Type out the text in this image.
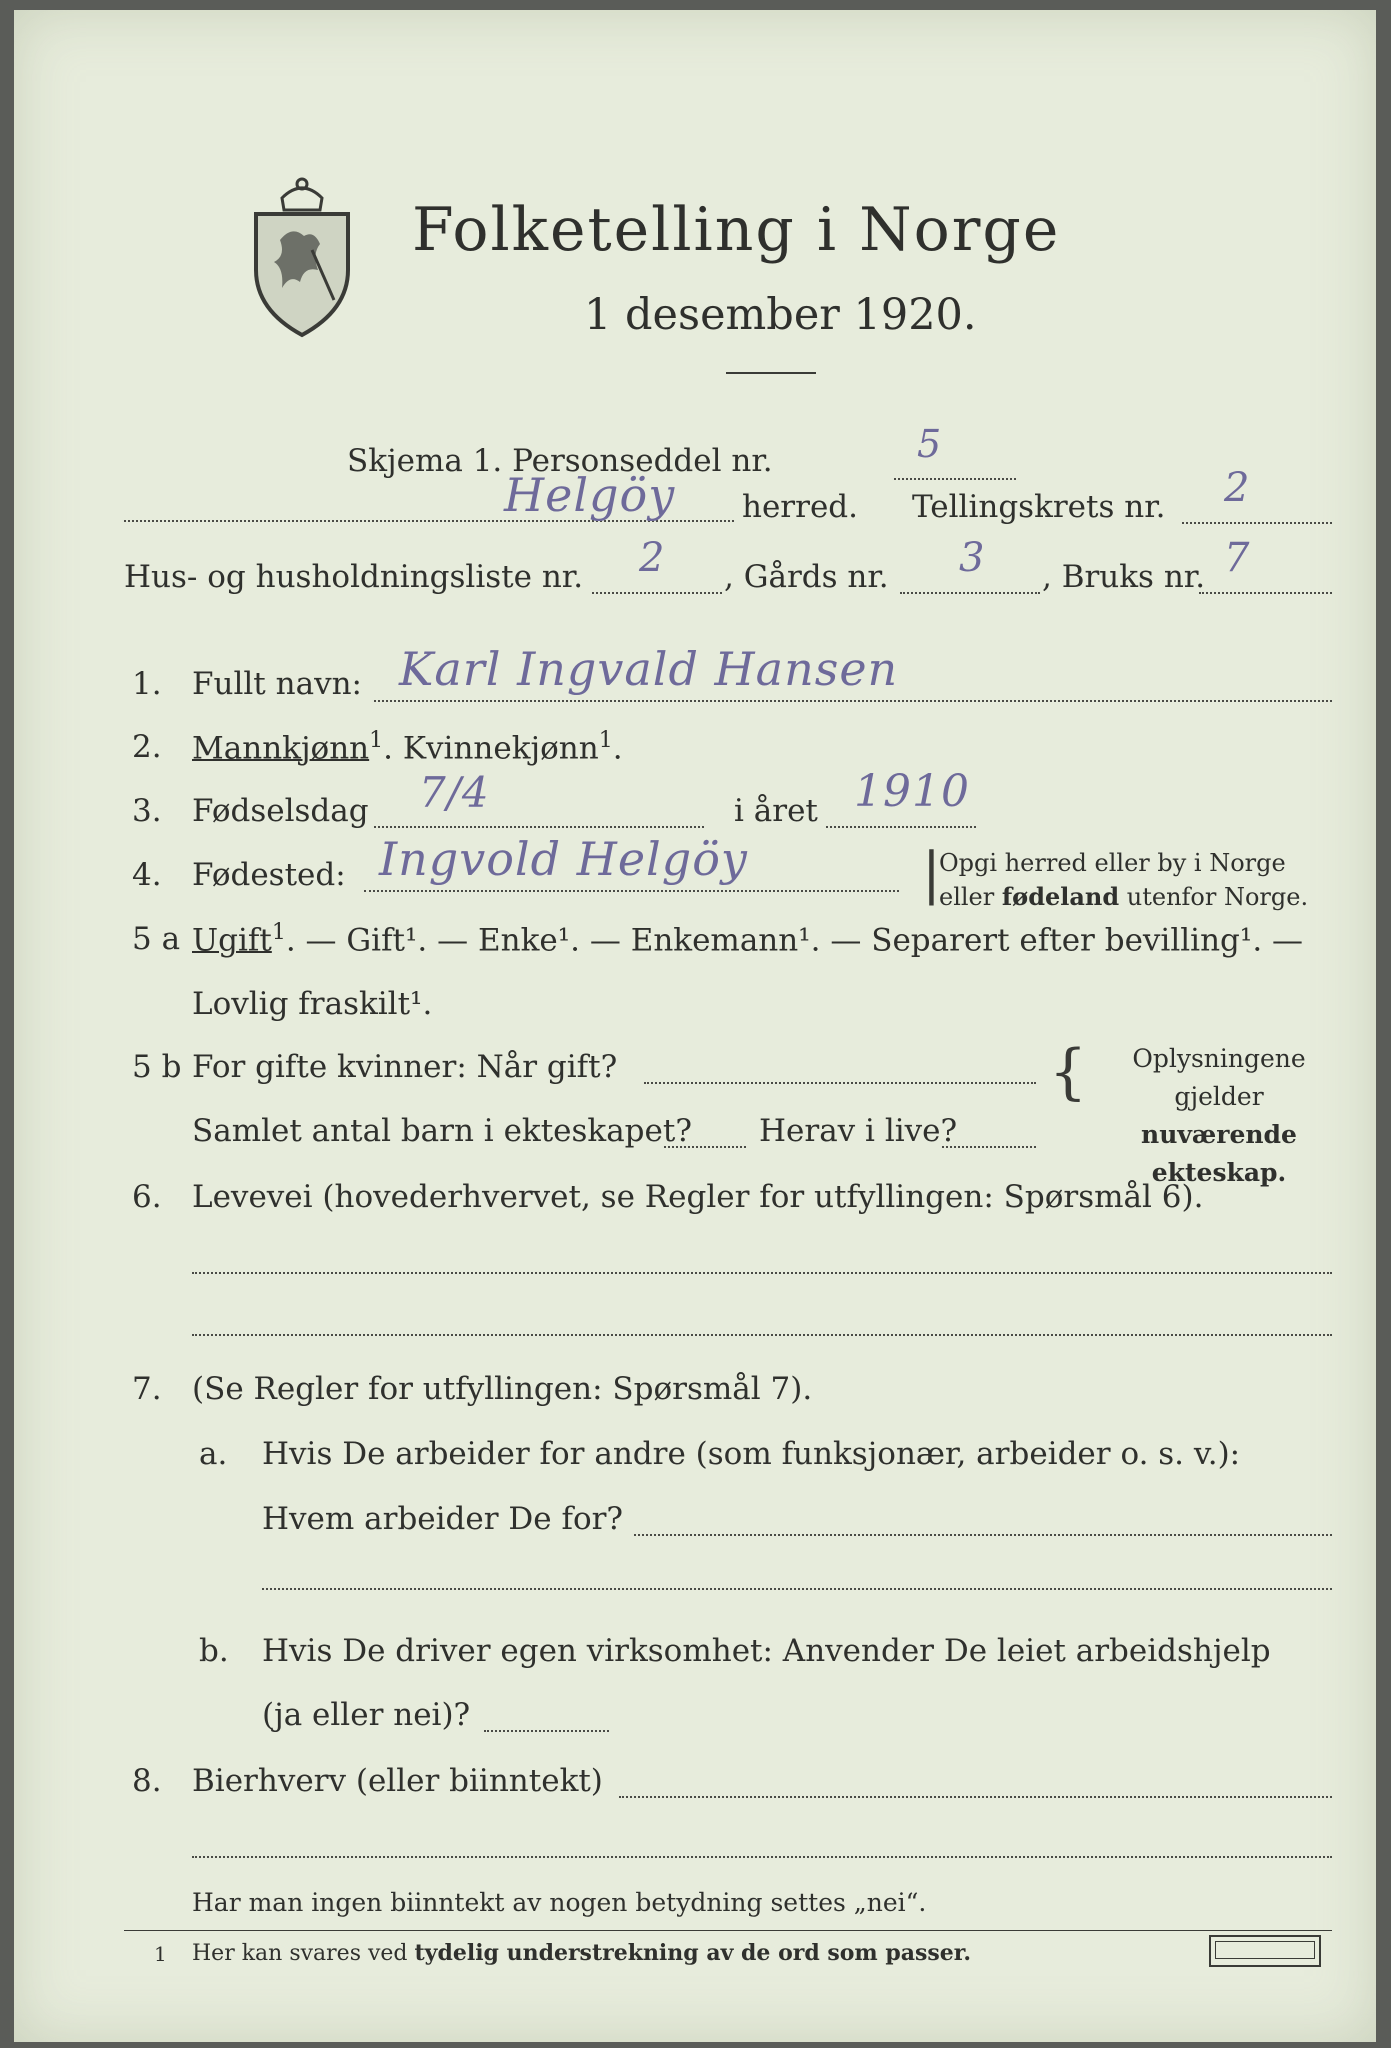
Folketelling i Norge
1 desember 1920.
Skjema 1. Personseddel nr.	5
Helgöy herred. Tellingskrets nr. 2
Hus- og husholdningsliste nr. 2 , Gårds nr. 3 , Bruks nr. 7
1. Fullt navn: Karl Ingvald Hansen
2. Mannkjønn$^1$. Kvinnekjønn$^1$.
3. Fødselsdag 7/4	i året 1910
4. Fødested: Ingvold Helgöy	|
Opgi herred eller by i Norge
eller fødeland utenfor Norge.
5 a Ugift$^1$. — Gift¹. — Enke¹. — Enkemann¹. — Separert efter bevilling¹. —
Lovlig fraskilt¹.
5 b For gifte kvinner: Når gift?
Samlet antal barn i ekteskapet? Herav i live?
{	Oplysningene
gjelder nuværende
ekteskap.
6. Levevei (hovederhvervet, se Regler for utfyllingen: Spørsmål 6).
7. (Se Regler for utfyllingen: Spørsmål 7).
a. Hvis De arbeider for andre (som funksjonær, arbeider o. s. v.):
Hvem arbeider De for?
b. Hvis De driver egen virksomhet: Anvender De leiet arbeidshjelp
(ja eller nei)?
8. Bierhverv (eller biinntekt)
Har man ingen biinntekt av nogen betydning settes „nei“.
1 Her kan svares ved tydelig understrekning av de ord som passer.
